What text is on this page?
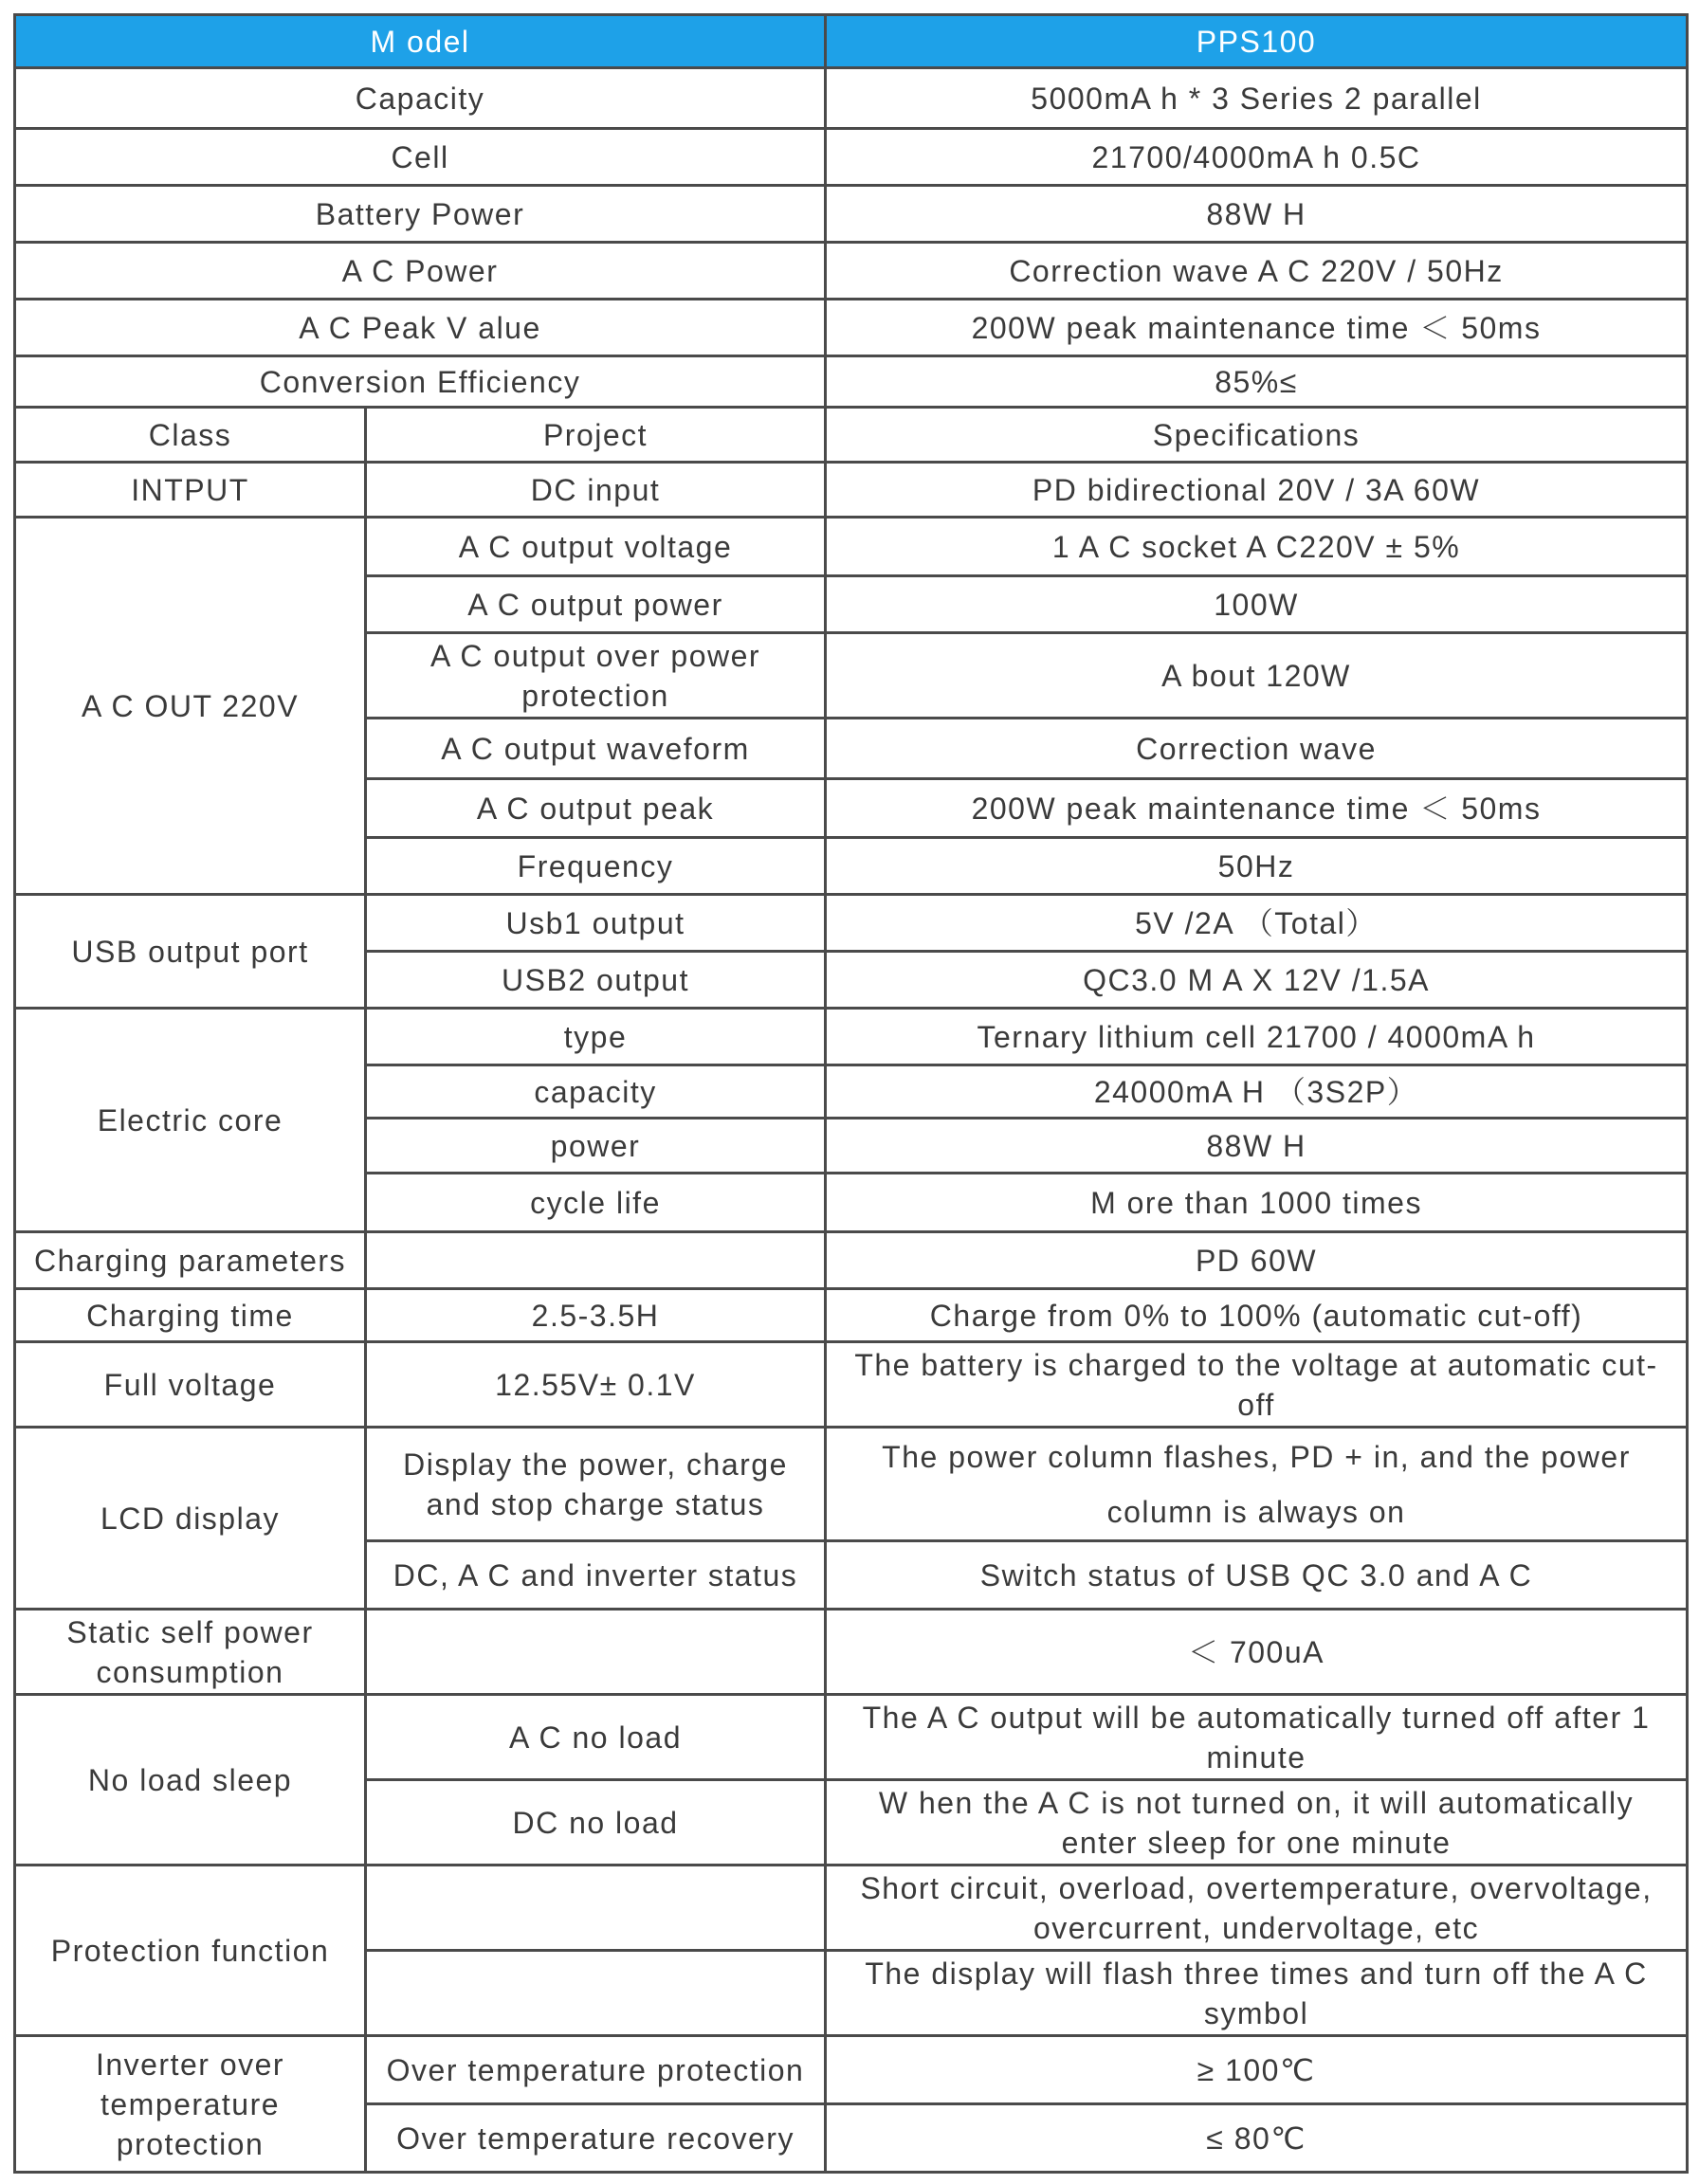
M odel		PPS100
Capacity		5000mA h * 3 Series 2 parallel
Cell		21700/4000mA h 0.5C
Battery Power		88W H
A C Power		Correction wave A C 220V / 50Hz
A C Peak V alue		200W peak maintenance time ＜ 50ms
Conversion Efficiency		85%≤
Class	Project	Specifications
INTPUT	DC input	PD bidirectional 20V / 3A 60W
A C OUT 220V	A C output voltage	1 A C socket A C220V ± 5%
	A C output power	100W
	A C output over power protection	A bout 120W
	A C output waveform	Correction wave
	A C output peak	200W peak maintenance time ＜ 50ms
	Frequency	50Hz
USB output port	Usb1 output	5V /2A （Total）
	USB2 output	QC3.0 M A X 12V /1.5A
Electric core	type	Ternary lithium cell 21700 / 4000mA h
	capacity	24000mA H （3S2P）
	power	88W H
	cycle life	M ore than 1000 times
Charging parameters		PD 60W
Charging time	2.5-3.5H	Charge from 0% to 100% (automatic cut-off)
Full voltage	12.55V± 0.1V	The battery is charged to the voltage at automatic cut-off
LCD display	Display the power, charge and stop charge status	The power column flashes, PD + in, and the power column is always on
	DC, A C and inverter status	Switch status of USB QC 3.0 and A C
Static self power consumption		＜ 700uA
No load sleep	A C no load	The A C output will be automatically turned off after 1 minute
	DC no load	W hen the A C is not turned on, it will automatically enter sleep for one minute
Protection function		Short circuit, overload, overtemperature, overvoltage, overcurrent, undervoltage, etc
		The display will flash three times and turn off the A C symbol
Inverter over temperature protection	Over temperature protection	≥ 100℃
	Over temperature recovery	≤ 80℃
